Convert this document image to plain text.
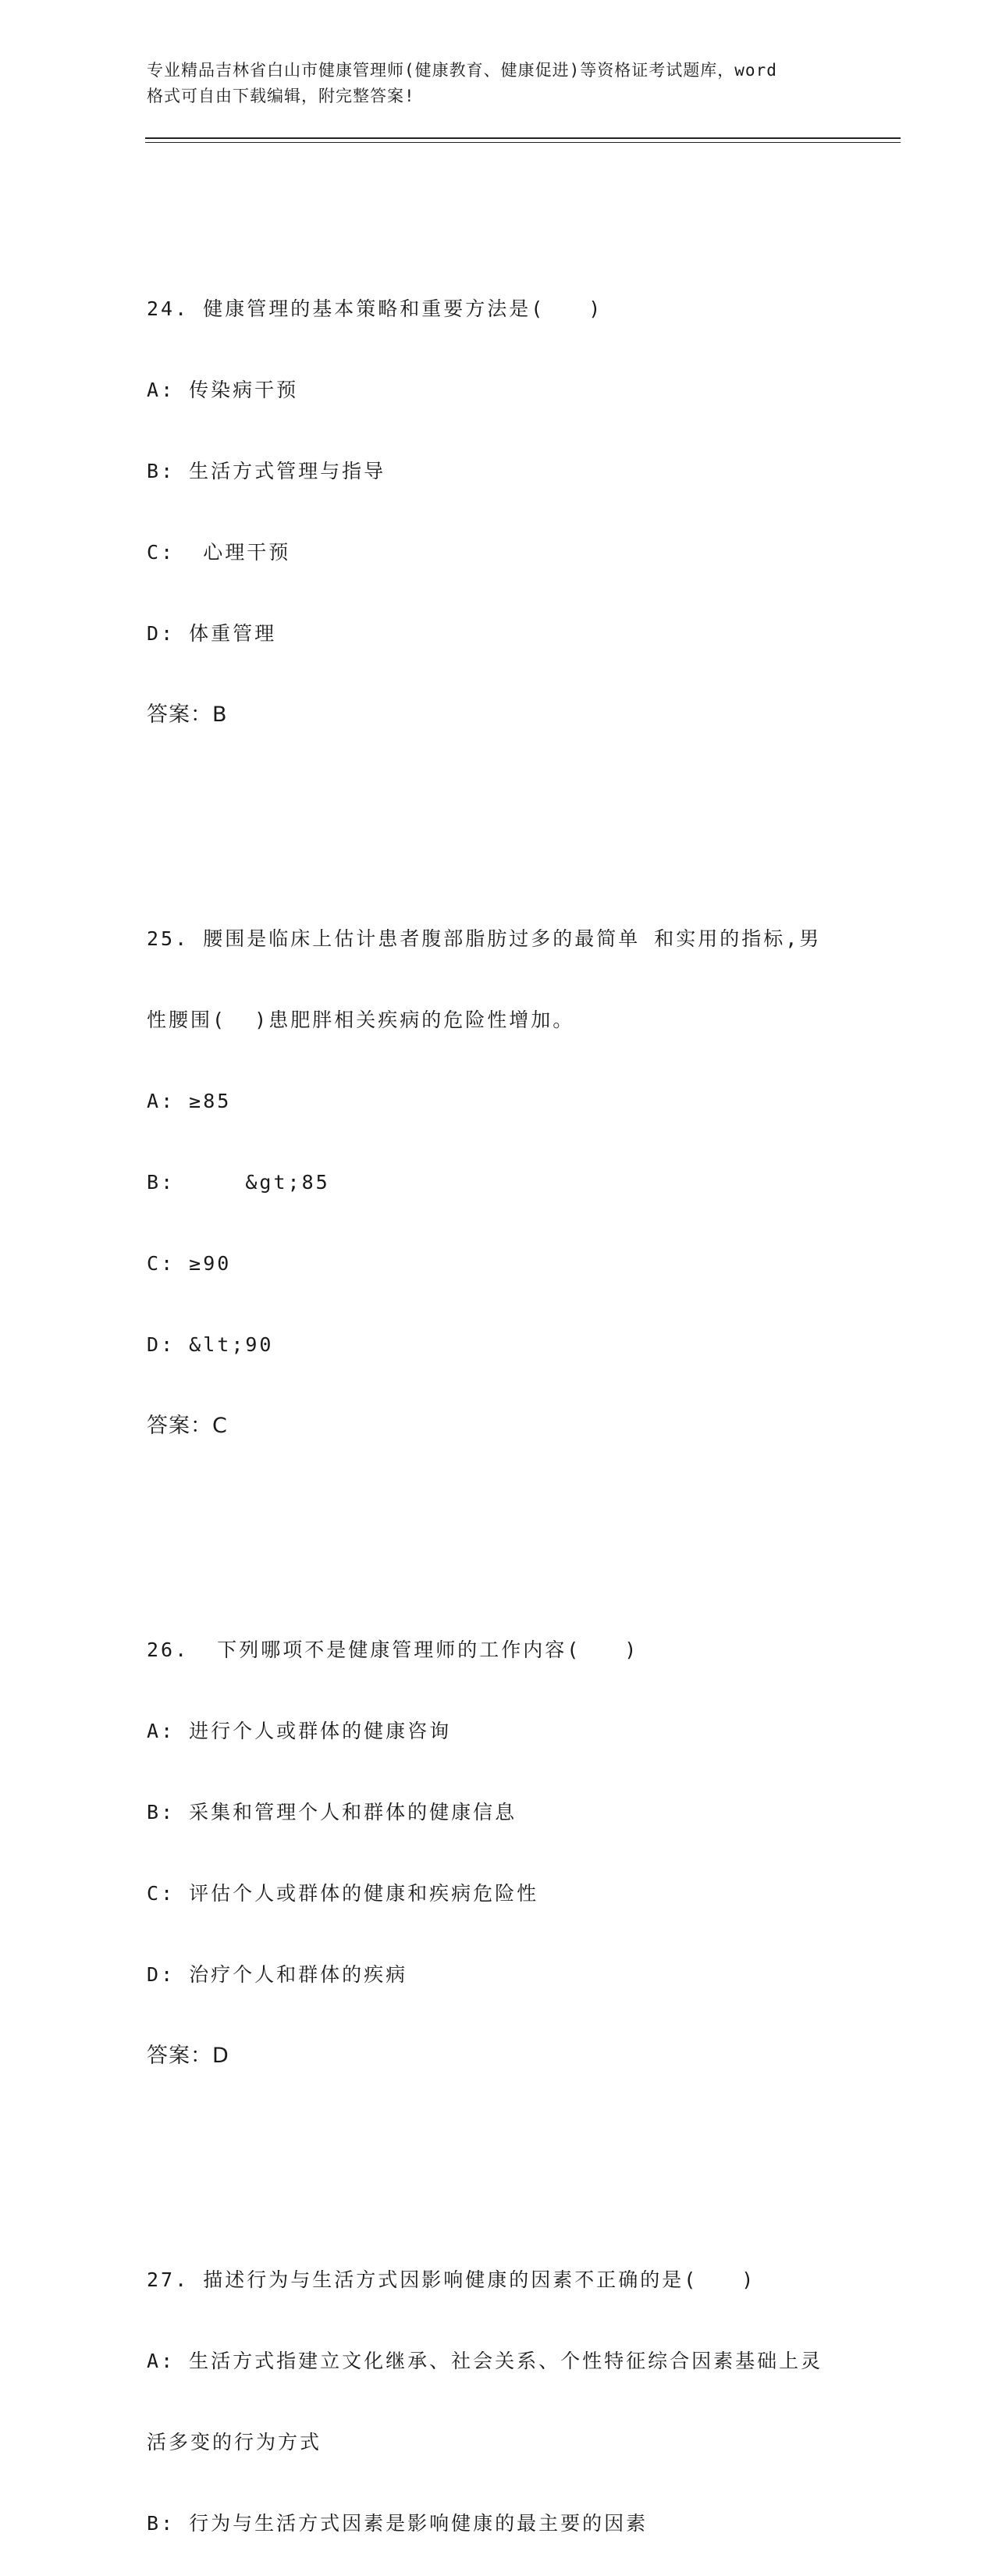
专业精品吉林省白山市健康管理师(健康教育、健康促进)等资格证考试题库，word
格式可自由下载编辑，附完整答案!

24. 健康管理的基本策略和重要方法是(　　)

A: 传染病干预

B: 生活方式管理与指导

C:  心理干预

D: 体重管理

答案：B

25. 腰围是临床上估计患者腹部脂肪过多的最简单 和实用的指标,男

性腰围(  )患肥胖相关疾病的危险性增加。

A: ≥85

B:     &gt;85

C: ≥90

D: &lt;90

答案：C

26.  下列哪项不是健康管理师的工作内容(　　)

A: 进行个人或群体的健康咨询

B: 采集和管理个人和群体的健康信息

C: 评估个人或群体的健康和疾病危险性

D: 治疗个人和群体的疾病

答案：D

27. 描述行为与生活方式因影响健康的因素不正确的是(　　)

A: 生活方式指建立文化继承、社会关系、个性特征综合因素基础上灵

活多变的行为方式

B: 行为与生活方式因素是影响健康的最主要的因素
